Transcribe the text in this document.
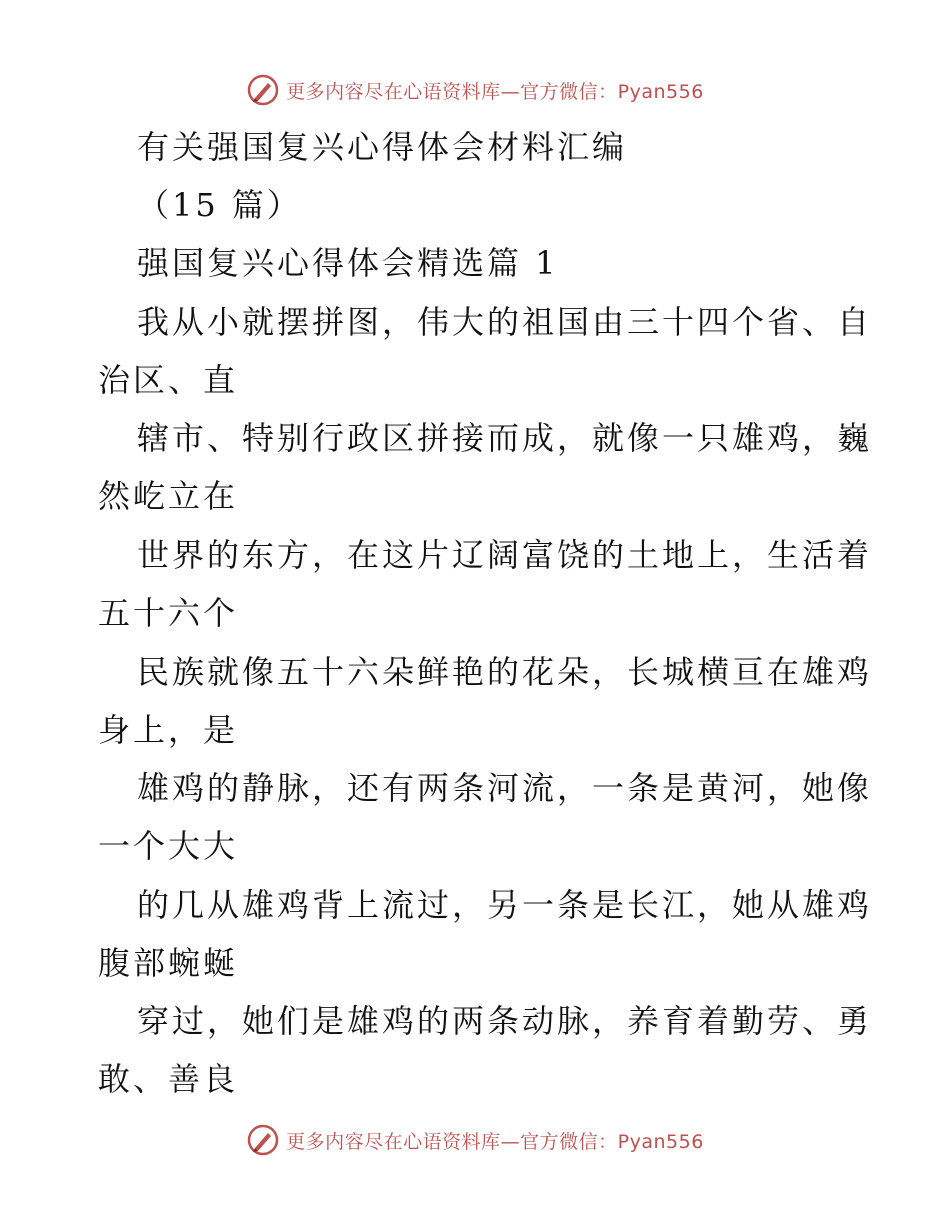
更多内容尽在心语资料库—官方微信：Pyan556
有关强国复兴心得体会材料汇编
（15 篇）
强国复兴心得体会精选篇 1
我从小就摆拼图，伟大的祖国由三十四个省、自
治区、直
辖市、特别行政区拼接而成，就像一只雄鸡，巍
然屹立在
世界的东方，在这片辽阔富饶的土地上，生活着
五十六个
民族就像五十六朵鲜艳的花朵，长城横亘在雄鸡
身上，是
雄鸡的静脉，还有两条河流，一条是黄河，她像
一个大大
的几从雄鸡背上流过，另一条是长江，她从雄鸡
腹部蜿蜒
穿过，她们是雄鸡的两条动脉，养育着勤劳、勇
敢、善良
更多内容尽在心语资料库—官方微信：Pyan556
